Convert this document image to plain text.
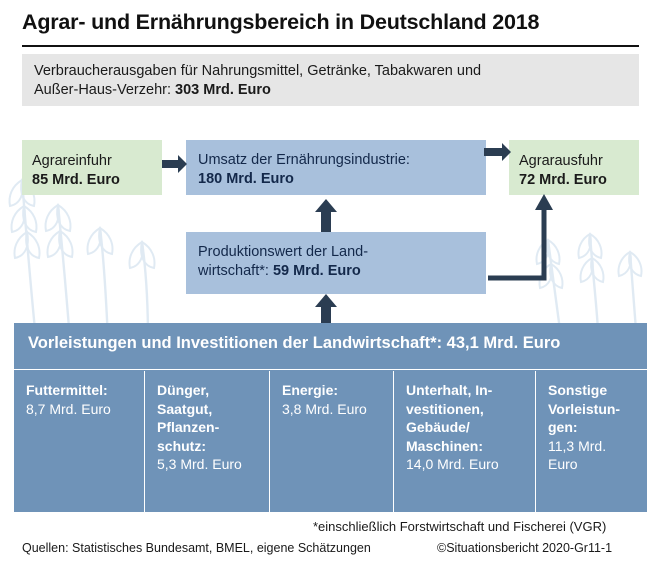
Agrar- und Ernährungsbereich in Deutschland 2018
Verbraucherausgaben für Nahrungsmittel, Getränke, Tabakwaren und
Außer-Haus-Verzehr: 303 Mrd. Euro
Agrareinfuhr
85 Mrd. Euro
Agrarausfuhr
72 Mrd. Euro
Umsatz der Ernährungsindustrie:
180 Mrd. Euro
Produktionswert der Land-
wirtschaft*: 59 Mrd. Euro
Vorleistungen und Investitionen der Landwirtschaft*: 43,1 Mrd. Euro
Futtermittel:
8,7 Mrd. Euro
Dünger, Saatgut, Pflanzen-schutz:
5,3 Mrd. Euro
Energie:
3,8 Mrd. Euro
Unterhalt, In-vestitionen, Gebäude/ Maschinen:
14,0 Mrd. Euro
Sonstige Vorleistun-gen:
11,3 Mrd. Euro
*einschließlich Forstwirtschaft und Fischerei (VGR)
Quellen: Statistisches Bundesamt, BMEL, eigene Schätzungen	©Situationsbericht 2020-Gr11-1
